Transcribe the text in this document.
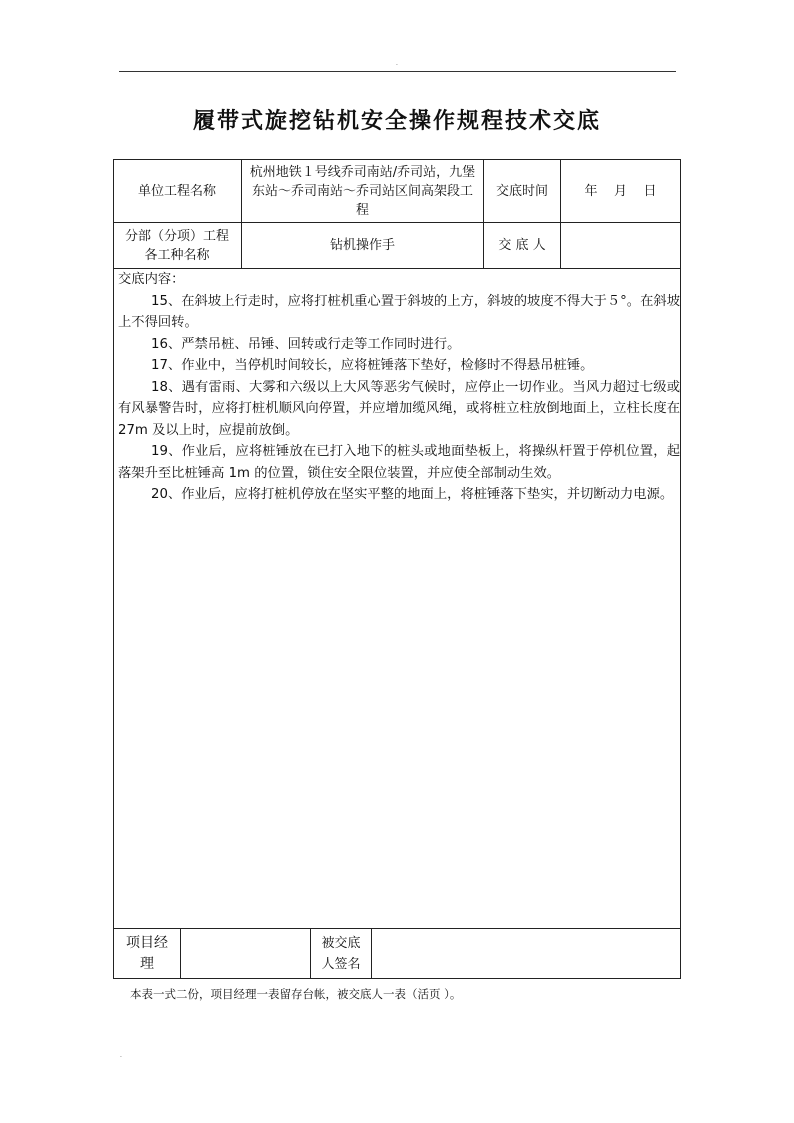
.
履带式旋挖钻机安全操作规程技术交底
单位工程名称
杭州地铁１号线乔司南站/乔司站，九堡东站～乔司南站～乔司站区间高架段工程
交底时间	年    月    日
分部（分项）工程各工种名称
钻机操作手	交 底 人

交底内容：

15、在斜坡上行走时，应将打桩机重心置于斜坡的上方，斜坡的坡度不得大于５°。在斜坡上不得回转。

16、严禁吊桩、吊锤、回转或行走等工作同时进行。

17、作业中，当停机时间较长，应将桩锤落下垫好，检修时不得悬吊桩锤。

18、遇有雷雨、大雾和六级以上大风等恶劣气候时，应停止一切作业。当风力超过七级或有风暴警告时，应将打桩机顺风向停置，并应增加缆风绳，或将桩立柱放倒地面上，立柱长度在 27m 及以上时，应提前放倒。

19、作业后，应将桩锤放在已打入地下的桩头或地面垫板上，将操纵杆置于停机位置，起落架升至比桩锤高 1m 的位置，锁住安全限位装置，并应使全部制动生效。

20、作业后，应将打桩机停放在坚实平整的地面上，将桩锤落下垫实，并切断动力电源。

项目经理
被交底人签名
本表一式二份，项目经理一表留存台帐，被交底人一表（活页 ）。
.
